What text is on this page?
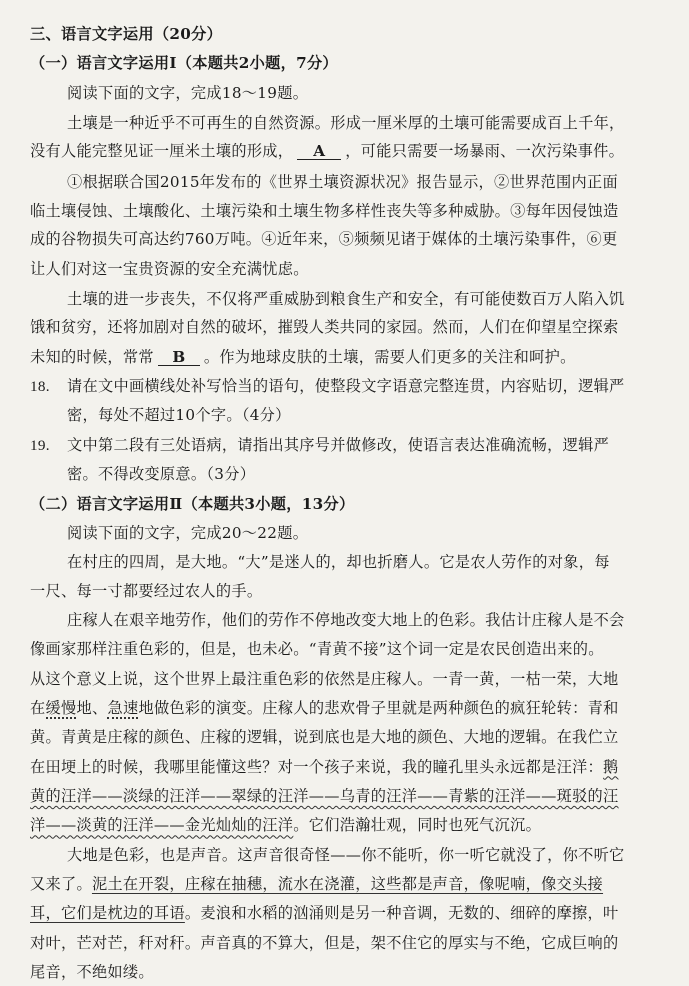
三、语言文字运用（20分）
（一）语言文字运用Ⅰ（本题共2小题，7分）
阅读下面的文字，完成18～19题。
土壤是一种近乎不可再生的自然资源。形成一厘米厚的土壤可能需要成百上千年，
没有人能完整见证一厘米土壤的形成， A ，可能只需要一场暴雨、一次污染事件。
①根据联合国2015年发布的《世界土壤资源状况》报告显示，②世界范围内正面
临土壤侵蚀、土壤酸化、土壤污染和土壤生物多样性丧失等多种威胁。③每年因侵蚀造
成的谷物损失可高达约760万吨。④近年来，⑤频频见诸于媒体的土壤污染事件，⑥更
让人们对这一宝贵资源的安全充满忧虑。
土壤的进一步丧失，不仅将严重威胁到粮食生产和安全，有可能使数百万人陷入饥
饿和贫穷，还将加剧对自然的破坏，摧毁人类共同的家园。然而，人们在仰望星空探索
未知的时候，常常 B 。作为地球皮肤的土壤，需要人们更多的关注和呵护。
18. 请在文中画横线处补写恰当的语句，使整段文字语意完整连贯，内容贴切，逻辑严
密，每处不超过10个字。（4分）
19. 文中第二段有三处语病，请指出其序号并做修改，使语言表达准确流畅，逻辑严
密。不得改变原意。（3分）
（二）语言文字运用Ⅱ（本题共3小题，13分）
阅读下面的文字，完成20～22题。
在村庄的四周，是大地。“大”是迷人的，却也折磨人。它是农人劳作的对象，每
一尺、每一寸都要经过农人的手。
庄稼人在艰辛地劳作，他们的劳作不停地改变大地上的色彩。我估计庄稼人是不会
像画家那样注重色彩的，但是，也未必。“青黄不接”这个词一定是农民创造出来的。
从这个意义上说，这个世界上最注重色彩的依然是庄稼人。一青一黄，一枯一荣，大地
在缓慢地、急速地做色彩的演变。庄稼人的悲欢骨子里就是两种颜色的疯狂轮转：青和
黄。青黄是庄稼的颜色、庄稼的逻辑，说到底也是大地的颜色、大地的逻辑。在我伫立
在田埂上的时候，我哪里能懂这些？对一个孩子来说，我的瞳孔里头永远都是汪洋：鹅
黄的汪洋——淡绿的汪洋——翠绿的汪洋——乌青的汪洋——青紫的汪洋——斑驳的汪
洋——淡黄的汪洋——金光灿灿的汪洋。它们浩瀚壮观，同时也死气沉沉。
大地是色彩，也是声音。这声音很奇怪——你不能听，你一听它就没了，你不听它
又来了。泥土在开裂，庄稼在抽穗，流水在浇灌，这些都是声音，像呢喃，像交头接
耳，它们是枕边的耳语。麦浪和水稻的汹涌则是另一种音调，无数的、细碎的摩擦，叶
对叶，芒对芒，秆对秆。声音真的不算大，但是，架不住它的厚实与不绝，它成巨响的
尾音，不绝如缕。
